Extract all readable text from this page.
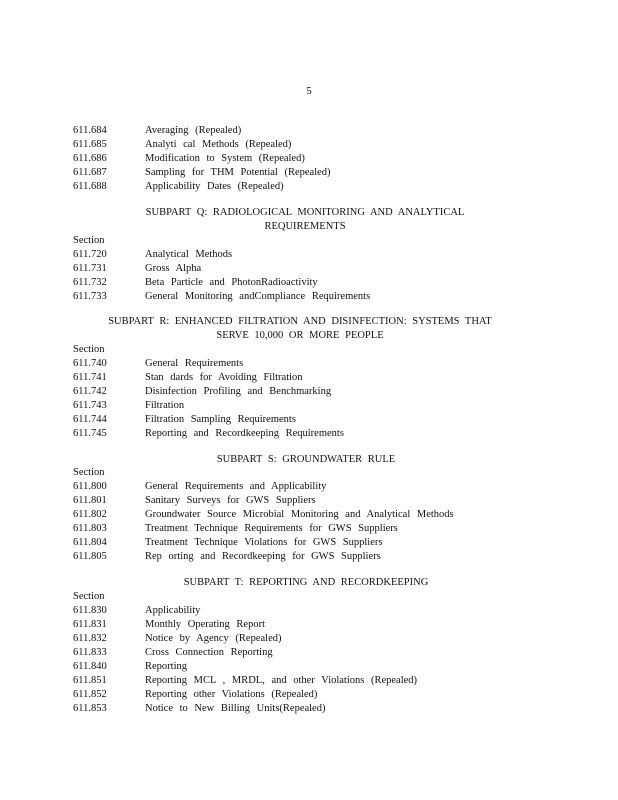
5
611.684	Averaging (Repealed)
611.685	Analyti cal Methods (Repealed)
611.686	Modification to System (Repealed)
611.687	Sampling for THM Potential (Repealed)
611.688	Applicability Dates (Repealed)
SUBPART Q: RADIOLOGICAL MONITORING AND ANALYTICAL REQUIREMENTS
Section
611.720	Analytical Methods
611.731	Gross Alpha
611.732	Beta Particle and PhotonRadioactivity
611.733	General Monitoring andCompliance Requirements
SUBPART R: ENHANCED FILTRATION AND DISINFECTION: SYSTEMS THAT SERVE 10,000 OR MORE PEOPLE
Section
611.740	General Requirements
611.741	Stan dards for Avoiding Filtration
611.742	Disinfection Profiling and Benchmarking
611.743	Filtration
611.744	Filtration Sampling Requirements
611.745	Reporting and Recordkeeping Requirements
SUBPART S: GROUNDWATER RULE
Section
611.800	General Requirements and Applicability
611.801	Sanitary Surveys for GWS Suppliers
611.802	Groundwater Source Microbial Monitoring and Analytical Methods
611.803	Treatment Technique Requirements for GWS Suppliers
611.804	Treatment Technique Violations for GWS Suppliers
611.805	Rep orting and Recordkeeping for GWS Suppliers
SUBPART T: REPORTING AND RECORDKEEPING
Section
611.830	Applicability
611.831	Monthly Operating Report
611.832	Notice by Agency (Repealed)
611.833	Cross Connection Reporting
611.840	Reporting
611.851	Reporting MCL , MRDL, and other Violations (Repealed)
611.852	Reporting other Violations (Repealed)
611.853	Notice to New Billing Units(Repealed)
